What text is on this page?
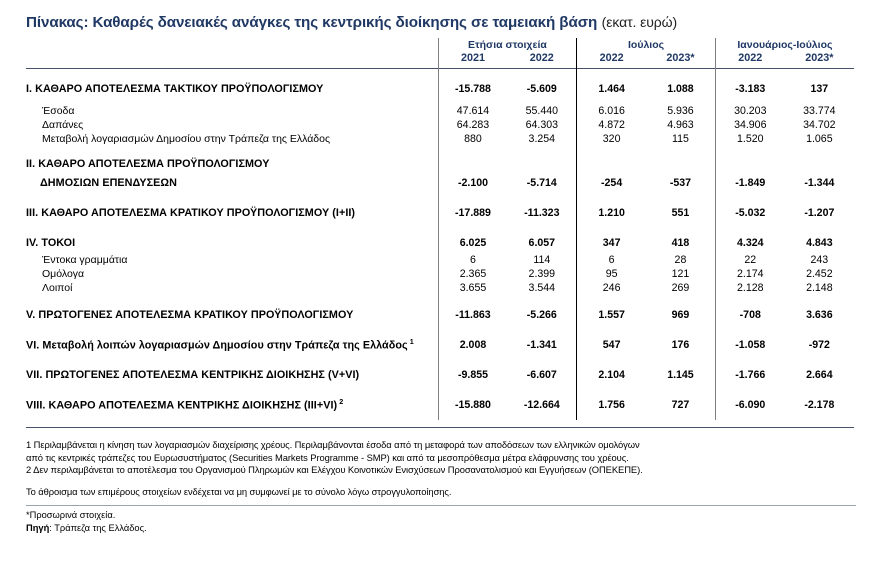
Πίνακας: Καθαρές δανειακές ανάγκες της κεντρικής διοίκησης σε ταμειακή βάση (εκατ. ευρώ)
	Ετήσια στοιχεία		Ιούλιος		Ιανουάριος-Ιούλιος	
	2021	2022	2022	2023*	2022	2023*

I. ΚΑΘΑΡΟ ΑΠΟΤΕΛΕΣΜΑ ΤΑΚΤΙΚΟΥ ΠΡΟΫΠΟΛΟΓΙΣΜΟΥ	-15.788	-5.609	1.464	1.088	-3.183	137

Έσοδα	47.614	55.440	6.016	5.936	30.203	33.774
Δαπάνες	64.283	64.303	4.872	4.963	34.906	34.702
Μεταβολή λογαριασμών Δημοσίου στην Τράπεζα της Ελλάδος	880	3.254	320	115	1.520	1.065

II. ΚΑΘΑΡΟ ΑΠΟΤΕΛΕΣΜΑ ΠΡΟΫΠΟΛΟΓΙΣΜΟΥ						
ΔΗΜΟΣΙΩΝ ΕΠΕΝΔΥΣΕΩΝ	-2.100	-5.714	-254	-537	-1.849	-1.344

III. ΚΑΘΑΡΟ ΑΠΟΤΕΛΕΣΜΑ ΚΡΑΤΙΚΟΥ ΠΡΟΫΠΟΛΟΓΙΣΜΟΥ (I+II)	-17.889	-11.323	1.210	551	-5.032	-1.207

IV. ΤΟΚΟΙ	6.025	6.057	347	418	4.324	4.843
Έντοκα γραμμάτια	6	114	6	28	22	243
Ομόλογα	2.365	2.399	95	121	2.174	2.452
Λοιποί	3.655	3.544	246	269	2.128	2.148

V. ΠΡΩΤΟΓΕΝΕΣ ΑΠΟΤΕΛΕΣΜΑ ΚΡΑΤΙΚΟΥ ΠΡΟΫΠΟΛΟΓΙΣΜΟΥ	-11.863	-5.266	1.557	969	-708	3.636

VI. Μεταβολή λοιπών λογαριασμών Δημοσίου στην Τράπεζα της Ελλάδος $^1$	2.008	-1.341	547	176	-1.058	-972

VII. ΠΡΩΤΟΓΕΝΕΣ ΑΠΟΤΕΛΕΣΜΑ ΚΕΝΤΡΙΚΗΣ ΔΙΟΙΚΗΣΗΣ (V+VI)	-9.855	-6.607	2.104	1.145	-1.766	2.664

VIII. ΚΑΘΑΡΟ ΑΠΟΤΕΛΕΣΜΑ ΚΕΝΤΡΙΚΗΣ ΔΙΟΙΚΗΣΗΣ (III+VI) $^2$	-15.880	-12.664	1.756	727	-6.090	-2.178

1 Περιλαμβάνεται η κίνηση των λογαριασμών διαχείρισης χρέους. Περιλαμβάνονται έσοδα από τη μεταφορά των αποδόσεων των ελληνικών ομολόγων
από τις κεντρικές τράπεζες του Ευρωσυστήματος (Securities Markets Programme - SMP) και από τα μεσοπρόθεσμα μέτρα ελάφρυνσης του χρέους.
2 Δεν περιλαμβάνεται το αποτέλεσμα του Οργανισμού Πληρωμών και Ελέγχου Κοινοτικών Ενισχύσεων Προσανατολισμού και Εγγυήσεων (ΟΠΕΚΕΠΕ).
Το άθροισμα των επιμέρους στοιχείων ενδέχεται να μη συμφωνεί με το σύνολο λόγω στρογγυλοποίησης.
*Προσωρινά στοιχεία.
Πηγή: Τράπεζα της Ελλάδος.
